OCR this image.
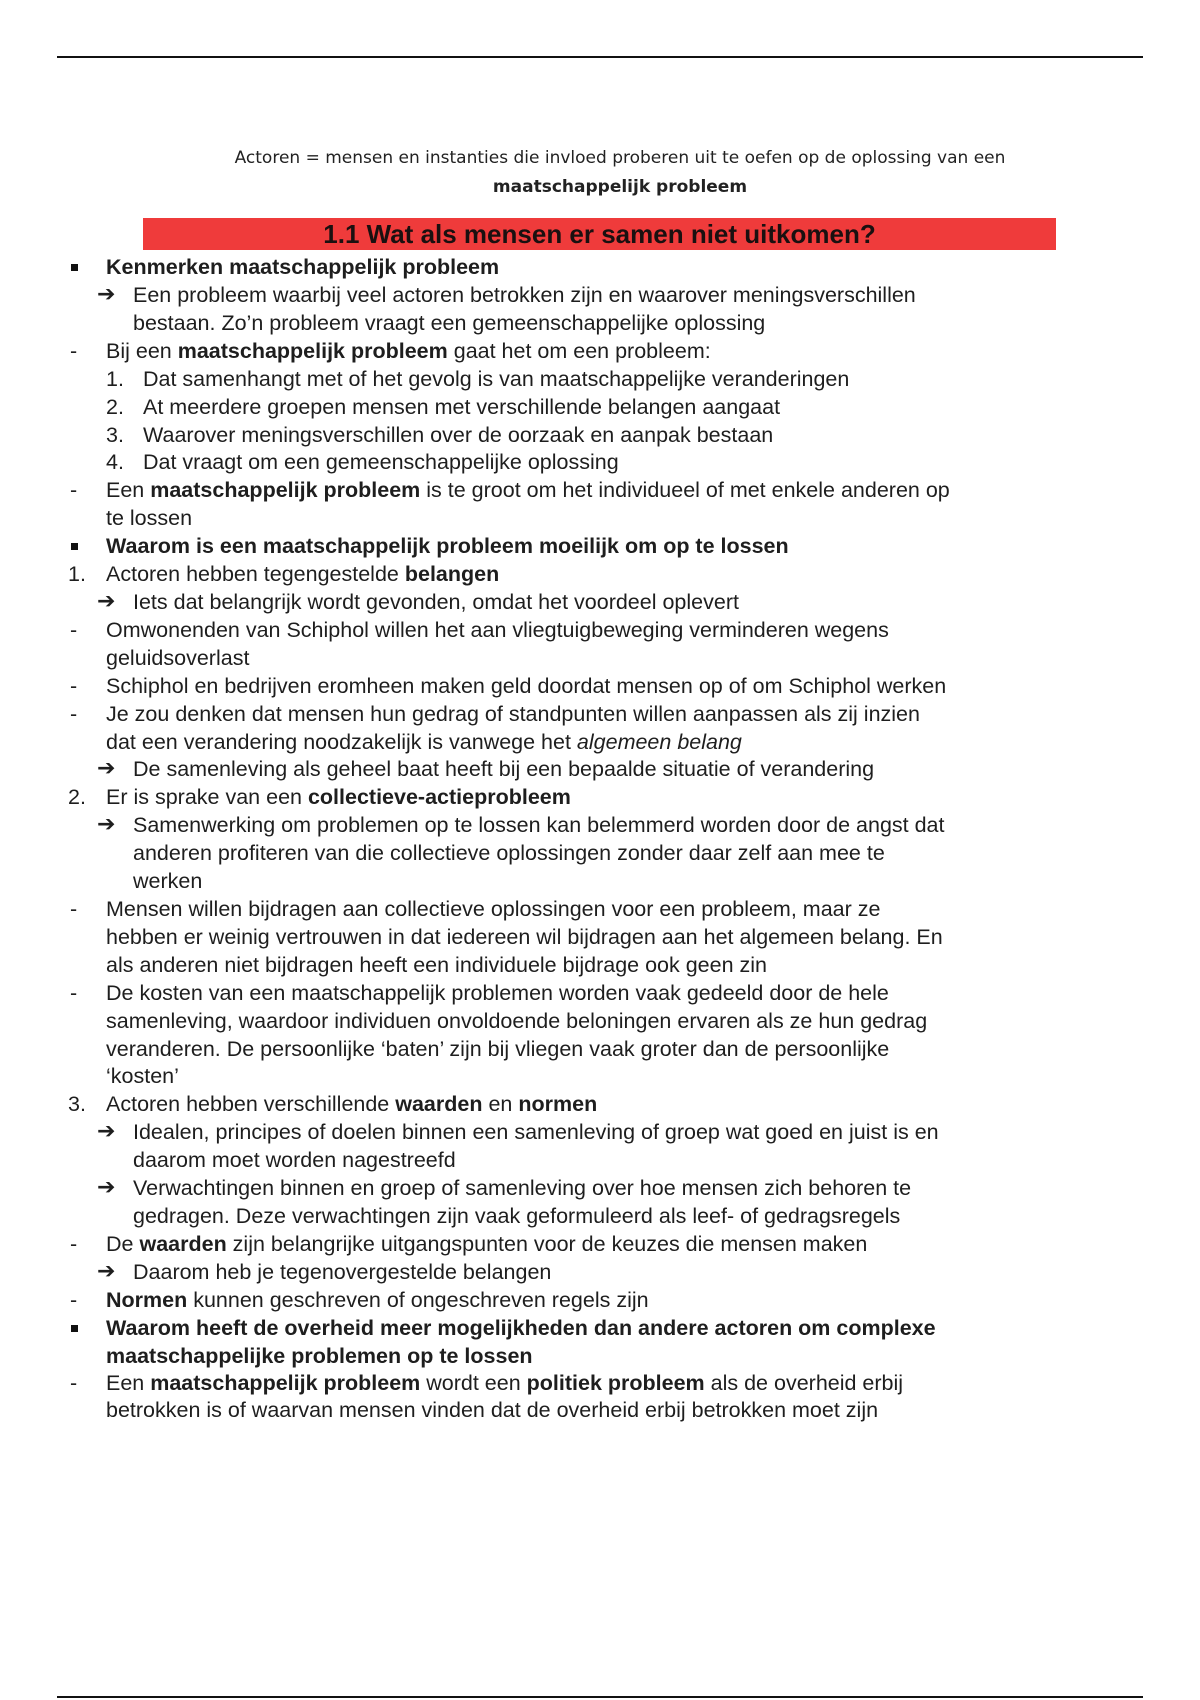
Actoren = mensen en instanties die invloed proberen uit te oefen op de oplossing van een
maatschappelijk probleem
1.1 Wat als mensen er samen niet uitkomen?
Kenmerken maatschappelijk probleem
➔ Een probleem waarbij veel actoren betrokken zijn en waarover meningsverschillen
bestaan. Zo’n probleem vraagt een gemeenschappelijke oplossing
- Bij een maatschappelijk probleem gaat het om een probleem:
1. Dat samenhangt met of het gevolg is van maatschappelijke veranderingen
2. At meerdere groepen mensen met verschillende belangen aangaat
3. Waarover meningsverschillen over de oorzaak en aanpak bestaan
4. Dat vraagt om een gemeenschappelijke oplossing
- Een maatschappelijk probleem is te groot om het individueel of met enkele anderen op
te lossen
Waarom is een maatschappelijk probleem moeilijk om op te lossen
1. Actoren hebben tegengestelde belangen
➔ Iets dat belangrijk wordt gevonden, omdat het voordeel oplevert
- Omwonenden van Schiphol willen het aan vliegtuigbeweging verminderen wegens
geluidsoverlast
- Schiphol en bedrijven eromheen maken geld doordat mensen op of om Schiphol werken
- Je zou denken dat mensen hun gedrag of standpunten willen aanpassen als zij inzien
dat een verandering noodzakelijk is vanwege het algemeen belang
➔ De samenleving als geheel baat heeft bij een bepaalde situatie of verandering
2. Er is sprake van een collectieve-actieprobleem
➔ Samenwerking om problemen op te lossen kan belemmerd worden door de angst dat
anderen profiteren van die collectieve oplossingen zonder daar zelf aan mee te
werken
- Mensen willen bijdragen aan collectieve oplossingen voor een probleem, maar ze
hebben er weinig vertrouwen in dat iedereen wil bijdragen aan het algemeen belang. En
als anderen niet bijdragen heeft een individuele bijdrage ook geen zin
- De kosten van een maatschappelijk problemen worden vaak gedeeld door de hele
samenleving, waardoor individuen onvoldoende beloningen ervaren als ze hun gedrag
veranderen. De persoonlijke ‘baten’ zijn bij vliegen vaak groter dan de persoonlijke
‘kosten’
3. Actoren hebben verschillende waarden en normen
➔ Idealen, principes of doelen binnen een samenleving of groep wat goed en juist is en
daarom moet worden nagestreefd
➔ Verwachtingen binnen en groep of samenleving over hoe mensen zich behoren te
gedragen. Deze verwachtingen zijn vaak geformuleerd als leef- of gedragsregels
- De waarden zijn belangrijke uitgangspunten voor de keuzes die mensen maken
➔ Daarom heb je tegenovergestelde belangen
- Normen kunnen geschreven of ongeschreven regels zijn
Waarom heeft de overheid meer mogelijkheden dan andere actoren om complexe
maatschappelijke problemen op te lossen
- Een maatschappelijk probleem wordt een politiek probleem als de overheid erbij
betrokken is of waarvan mensen vinden dat de overheid erbij betrokken moet zijn
